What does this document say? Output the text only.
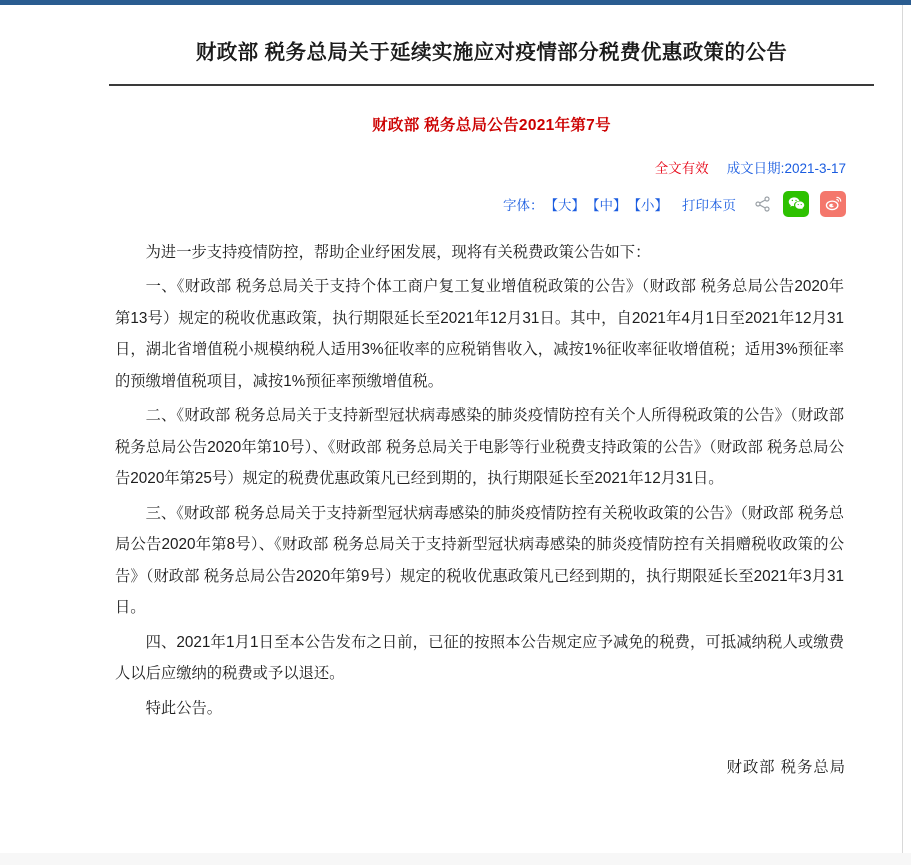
财政部 税务总局关于延续实施应对疫情部分税费优惠政策的公告
财政部 税务总局公告2021年第7号
全文有效 成文日期:2021-3-17
字体： 【大】 【中】 【小】 打印本页

为进一步支持疫情防控，帮助企业纾困发展，现将有关税费政策公告如下：

一、《财政部 税务总局关于支持个体工商户复工复业增值税政策的公告》（财政部 税务总局公告2020年第13号）规定的税收优惠政策，执行期限延长至2021年12月31日。其中，自2021年4月1日至2021年12月31日，湖北省增值税小规模纳税人适用3%征收率的应税销售收入，减按1%征收率征收增值税；适用3%预征率的预缴增值税项目，减按1%预征率预缴增值税。

二、《财政部 税务总局关于支持新型冠状病毒感染的肺炎疫情防控有关个人所得税政策的公告》（财政部 税务总局公告2020年第10号）、《财政部 税务总局关于电影等行业税费支持政策的公告》（财政部 税务总局公告2020年第25号）规定的税费优惠政策凡已经到期的，执行期限延长至2021年12月31日。

三、《财政部 税务总局关于支持新型冠状病毒感染的肺炎疫情防控有关税收政策的公告》（财政部 税务总局公告2020年第8号）、《财政部 税务总局关于支持新型冠状病毒感染的肺炎疫情防控有关捐赠税收政策的公告》（财政部 税务总局公告2020年第9号）规定的税收优惠政策凡已经到期的，执行期限延长至2021年3月31日。

四、2021年1月1日至本公告发布之日前，已征的按照本公告规定应予减免的税费，可抵减纳税人或缴费人以后应缴纳的税费或予以退还。

特此公告。

财政部 税务总局
